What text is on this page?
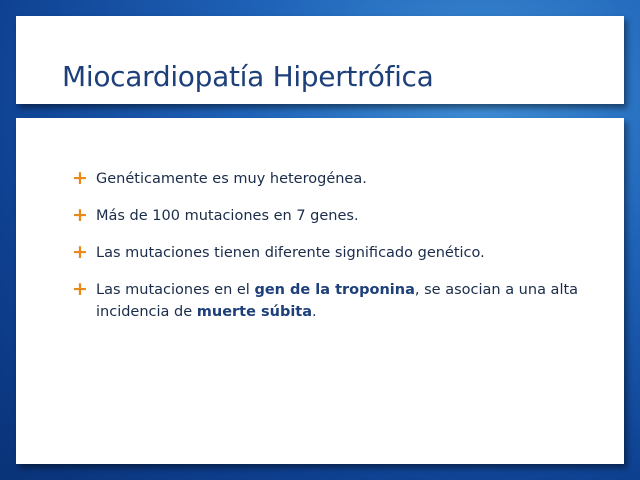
Miocardiopatía Hipertrófica
+ Genéticamente es muy heterogénea.
+ Más de 100 mutaciones en 7 genes.
+ Las mutaciones tienen diferente significado genético.
+ Las mutaciones en el gen de la troponina, se asocian a una alta incidencia de muerte súbita.
